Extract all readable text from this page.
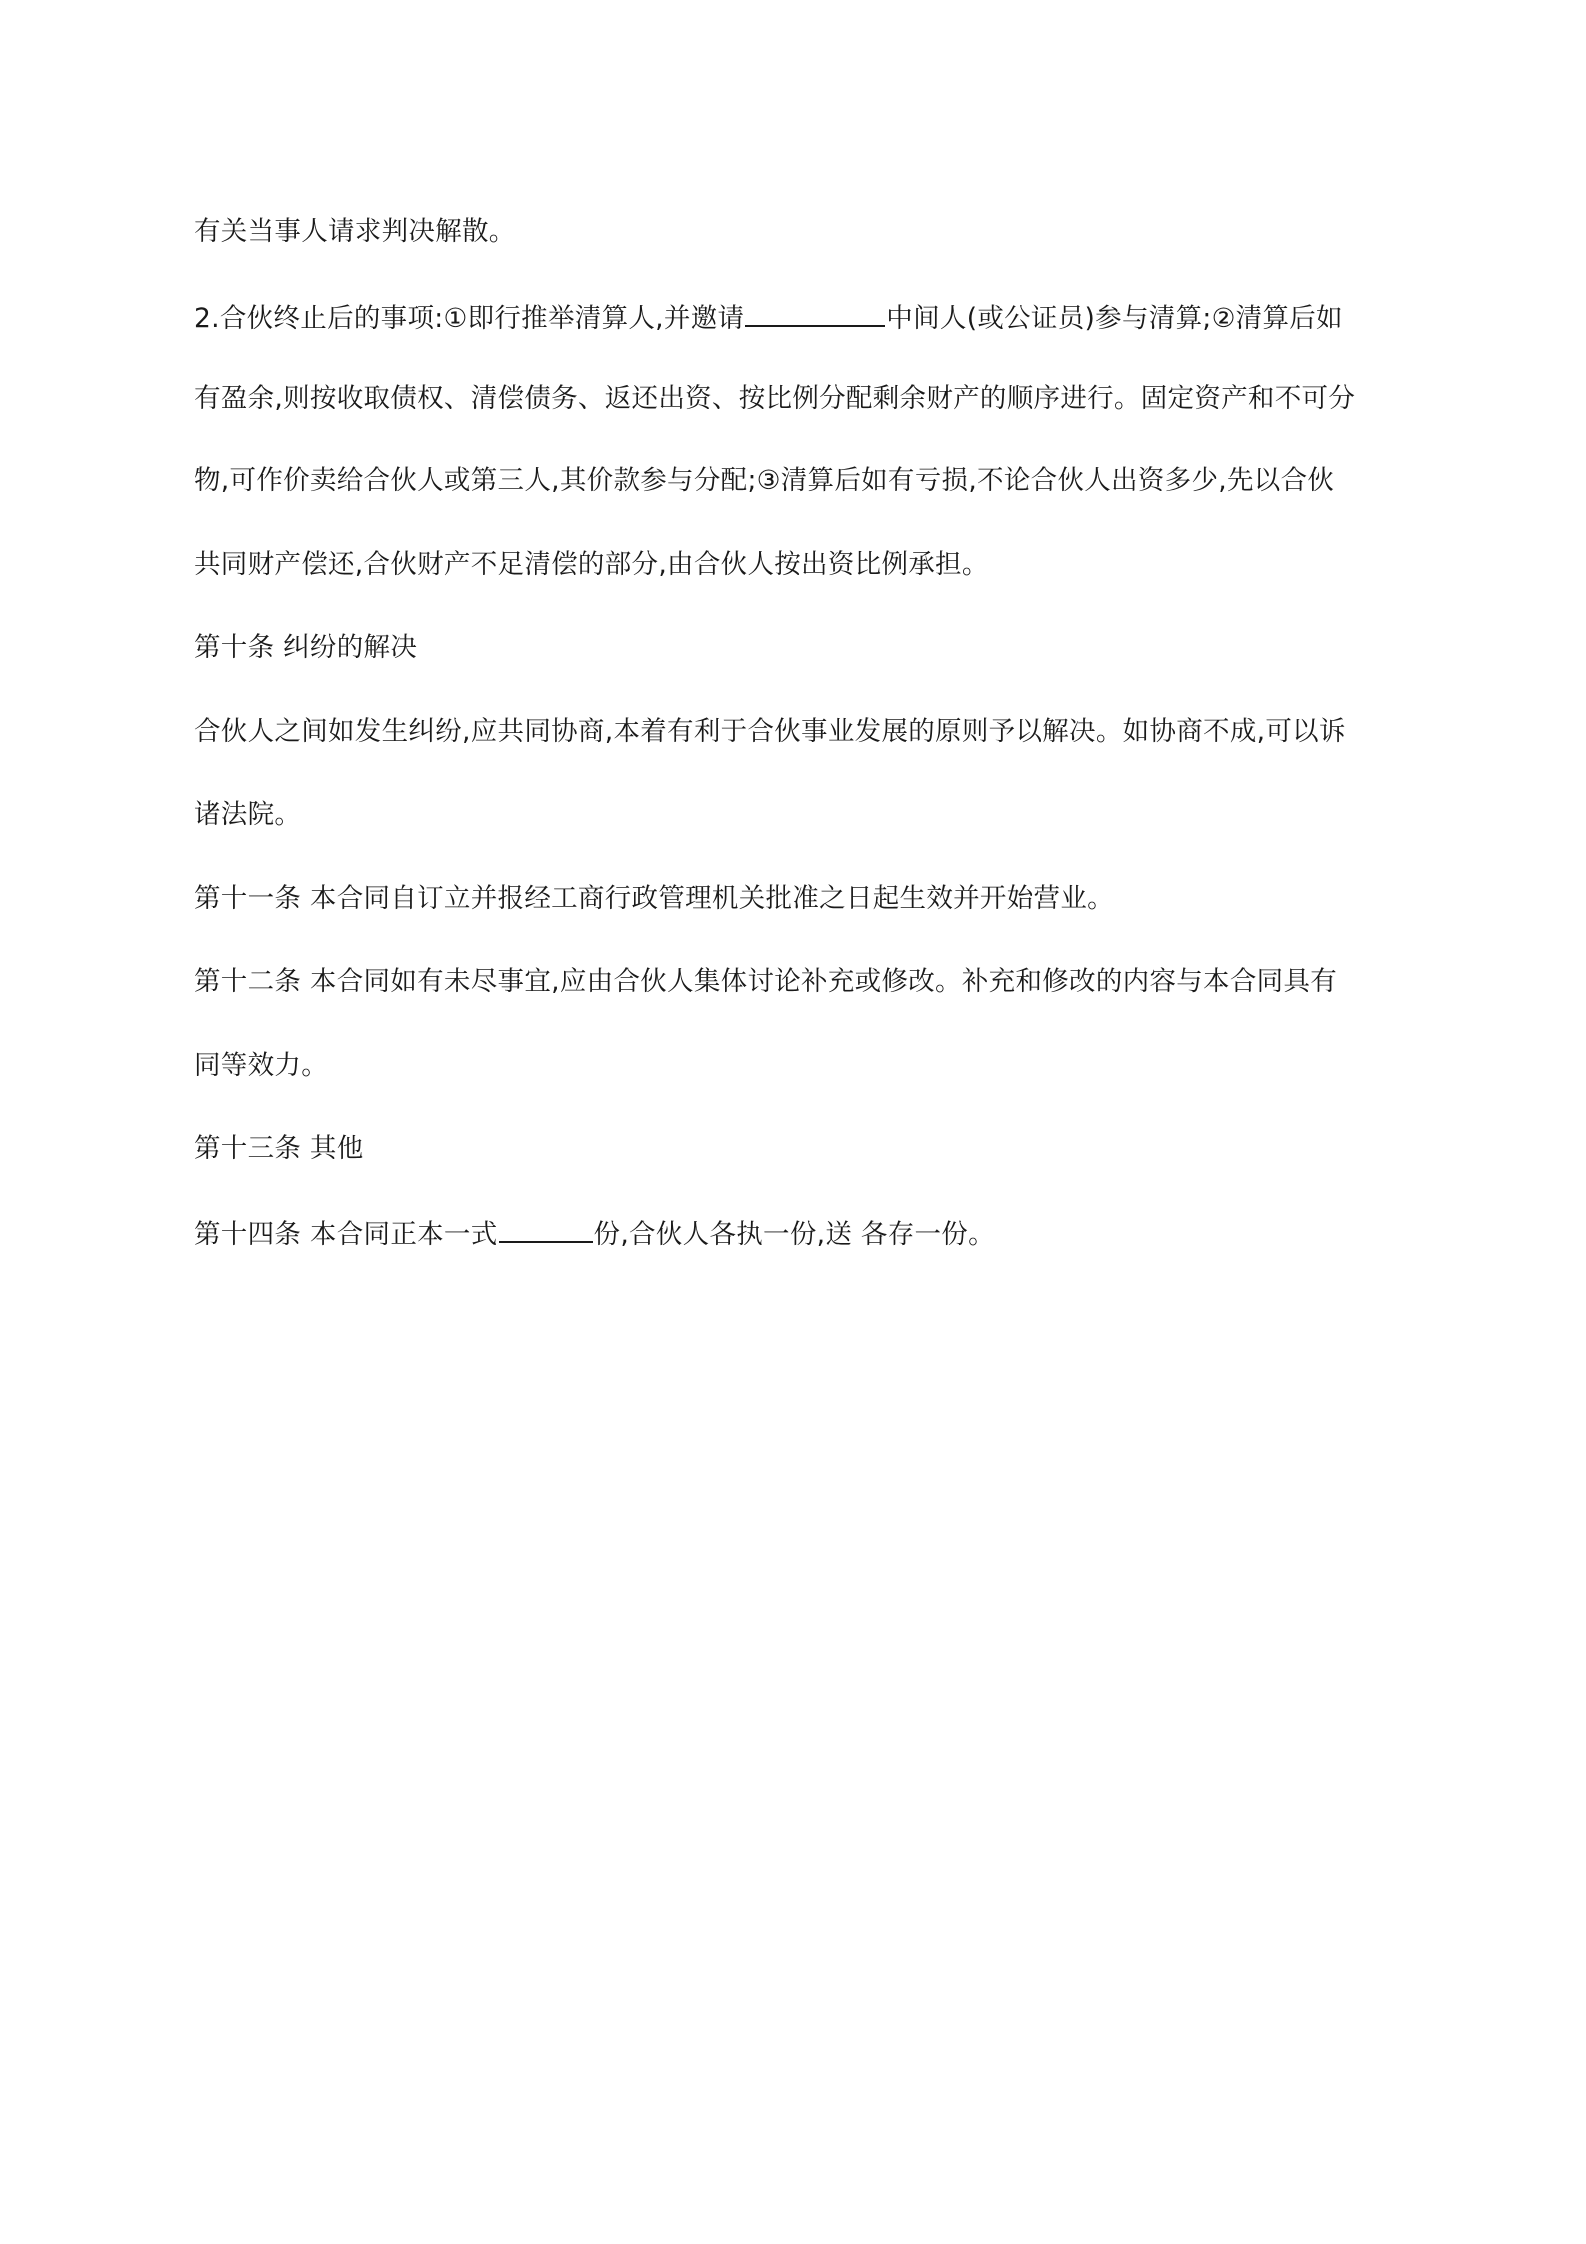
有关当事人请求判决解散。

2.合伙终止后的事项:①即行推举清算人,并邀请	中间人(或公证员)参与清算;②清算后如

有盈余,则按收取债权、清偿债务、返还出资、按比例分配剩余财产的顺序进行。固定资产和不可分

物,可作价卖给合伙人或第三人,其价款参与分配;③清算后如有亏损,不论合伙人出资多少,先以合伙

共同财产偿还,合伙财产不足清偿的部分,由合伙人按出资比例承担。

第十条 纠纷的解决

合伙人之间如发生纠纷,应共同协商,本着有利于合伙事业发展的原则予以解决。如协商不成,可以诉

诸法院。

第十一条 本合同自订立并报经工商行政管理机关批准之日起生效并开始营业。

第十二条 本合同如有未尽事宜,应由合伙人集体讨论补充或修改。补充和修改的内容与本合同具有

同等效力。

第十三条 其他

第十四条 本合同正本一式	份,合伙人各执一份,送 各存一份。
